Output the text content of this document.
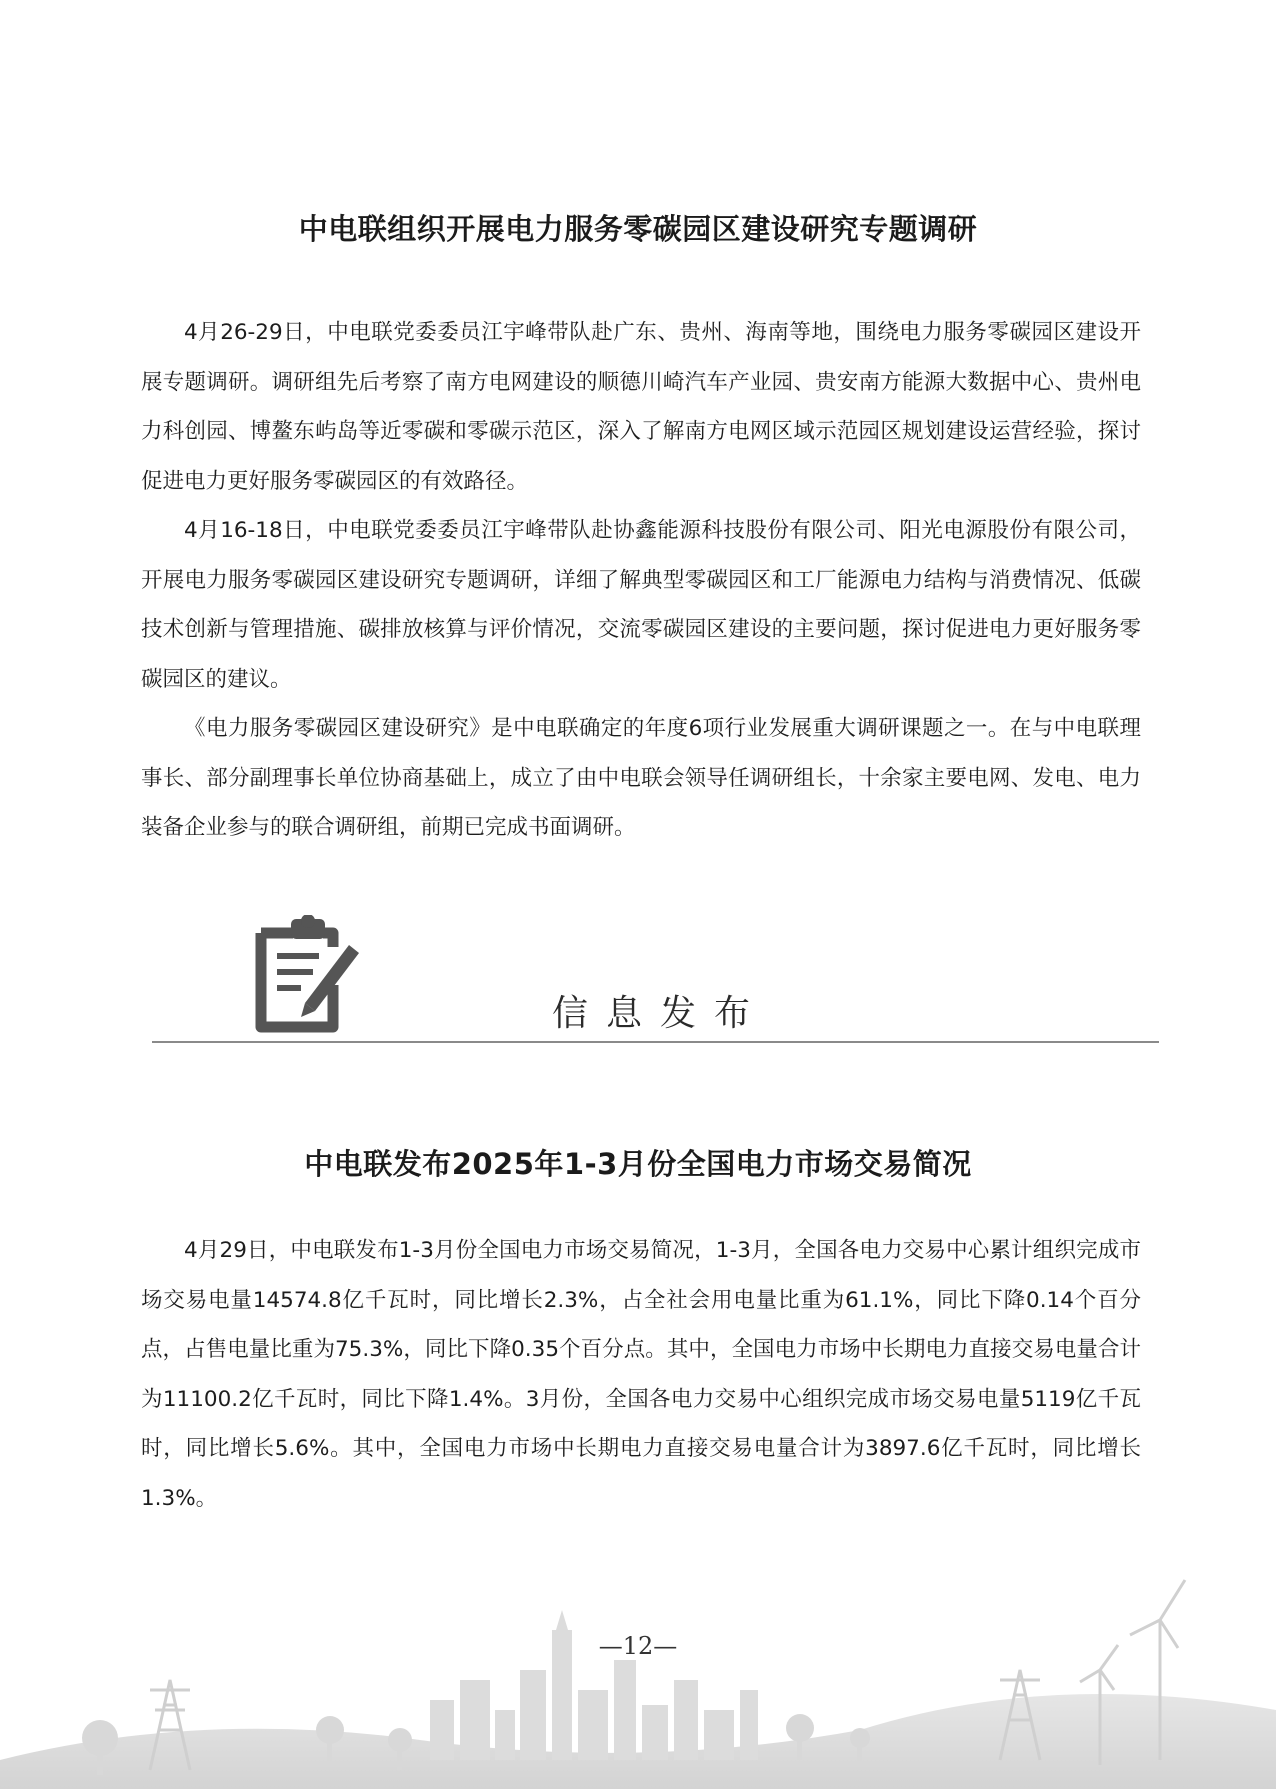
中电联组织开展电力服务零碳园区建设研究专题调研

4月26-29日，中电联党委委员江宇峰带队赴广东、贵州、海南等地，围绕电力服务零碳园区建设开展专题调研。调研组先后考察了南方电网建设的顺德川崎汽车产业园、贵安南方能源大数据中心、贵州电力科创园、博鳌东屿岛等近零碳和零碳示范区，深入了解南方电网区域示范园区规划建设运营经验，探讨促进电力更好服务零碳园区的有效路径。

4月16-18日，中电联党委委员江宇峰带队赴协鑫能源科技股份有限公司、阳光电源股份有限公司，开展电力服务零碳园区建设研究专题调研，详细了解典型零碳园区和工厂能源电力结构与消费情况、低碳技术创新与管理措施、碳排放核算与评价情况，交流零碳园区建设的主要问题，探讨促进电力更好服务零碳园区的建议。

《电力服务零碳园区建设研究》是中电联确定的年度6项行业发展重大调研课题之一。在与中电联理事长、部分副理事长单位协商基础上，成立了由中电联会领导任调研组长，十余家主要电网、发电、电力装备企业参与的联合调研组，前期已完成书面调研。

信息发布
中电联发布2025年1-3月份全国电力市场交易简况

4月29日，中电联发布1-3月份全国电力市场交易简况，1-3月，全国各电力交易中心累计组织完成市场交易电量14574.8亿千瓦时，同比增长2.3%，占全社会用电量比重为61.1%，同比下降0.14个百分点，占售电量比重为75.3%，同比下降0.35个百分点。其中，全国电力市场中长期电力直接交易电量合计为11100.2亿千瓦时，同比下降1.4%。3月份，全国各电力交易中心组织完成市场交易电量5119亿千瓦时，同比增长5.6%。其中，全国电力市场中长期电力直接交易电量合计为3897.6亿千瓦时，同比增长1.3%。

—12—
